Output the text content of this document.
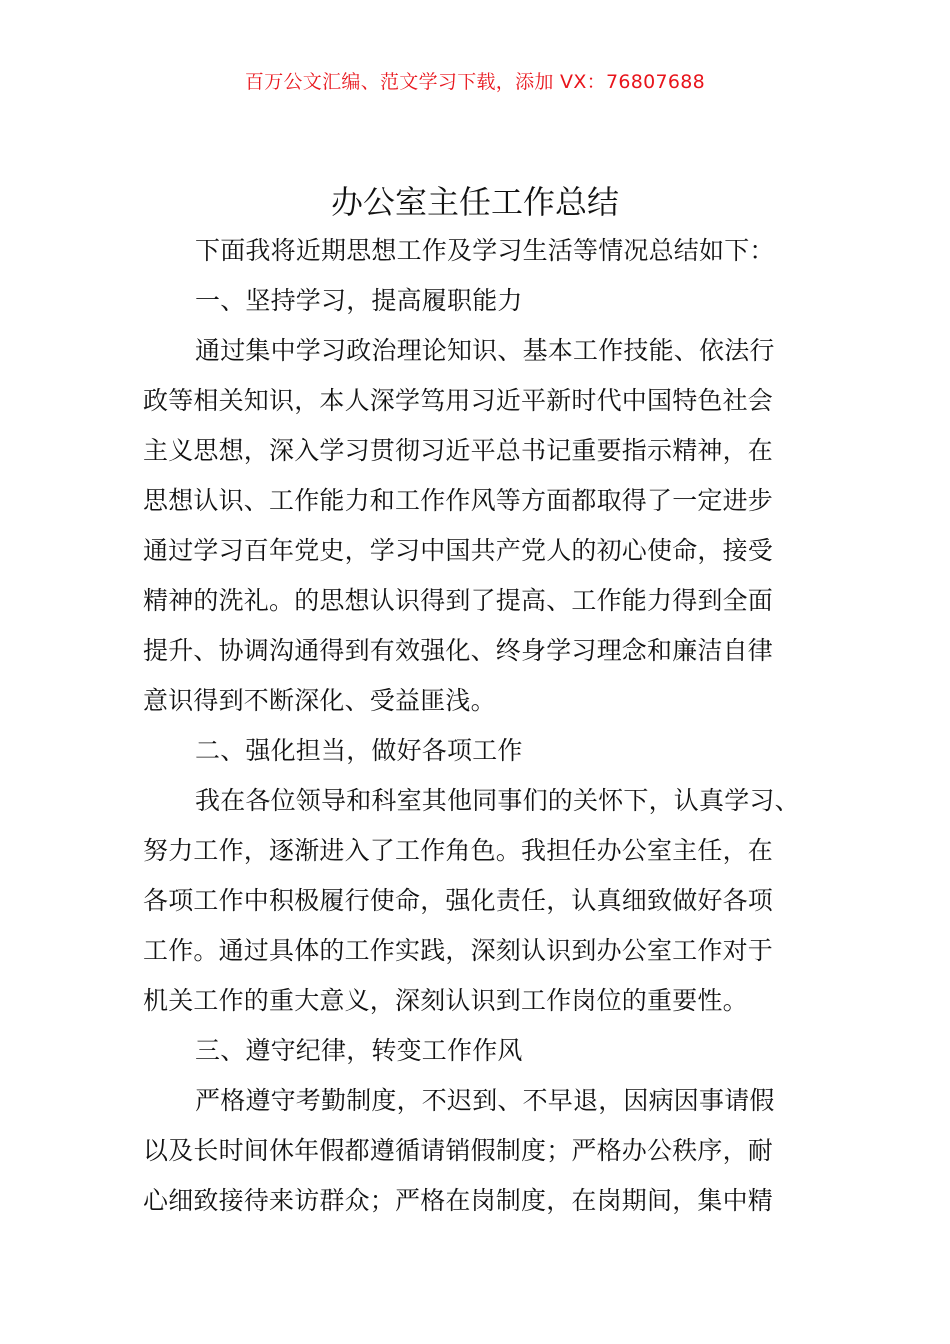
百万公文汇编、范文学习下载，添加 VX：76807688
办公室主任工作总结
下面我将近期思想工作及学习生活等情况总结如下：
一、坚持学习，提高履职能力
通过集中学习政治理论知识、基本工作技能、依法行
政等相关知识，本人深学笃用习近平新时代中国特色社会
主义思想，深入学习贯彻习近平总书记重要指示精神，在
思想认识、工作能力和工作作风等方面都取得了一定进步
通过学习百年党史，学习中国共产党人的初心使命，接受
精神的洗礼。的思想认识得到了提高、工作能力得到全面
提升、协调沟通得到有效强化、终身学习理念和廉洁自律
意识得到不断深化、受益匪浅。
二、强化担当，做好各项工作
我在各位领导和科室其他同事们的关怀下，认真学习、
努力工作，逐渐进入了工作角色。我担任办公室主任，在
各项工作中积极履行使命，强化责任，认真细致做好各项
工作。通过具体的工作实践，深刻认识到办公室工作对于
机关工作的重大意义，深刻认识到工作岗位的重要性。
三、遵守纪律，转变工作作风
严格遵守考勤制度，不迟到、不早退，因病因事请假
以及长时间休年假都遵循请销假制度；严格办公秩序，耐
心细致接待来访群众；严格在岗制度，在岗期间，集中精
